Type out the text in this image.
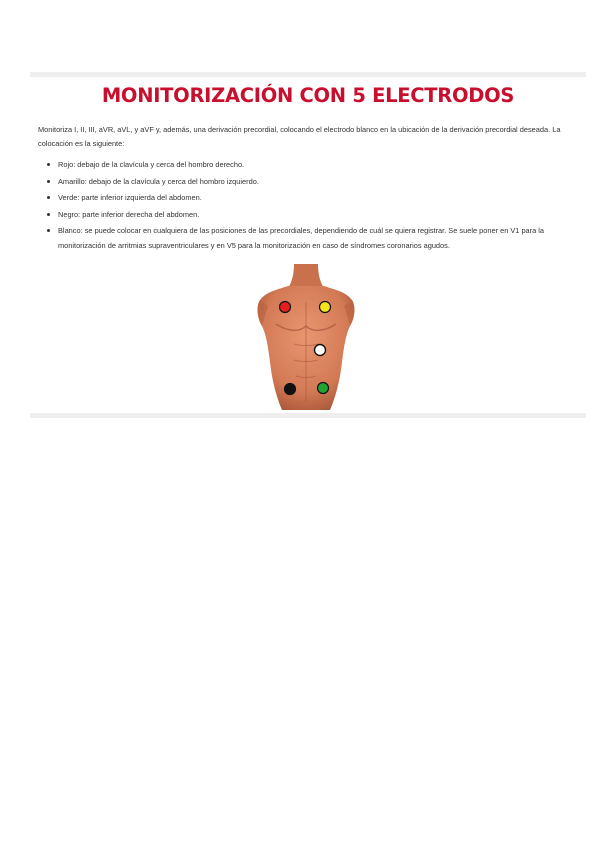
MONITORIZACIÓN CON 5 ELECTRODOS
Monitoriza I, II, III, aVR, aVL, y aVF y, además, una derivación precordial, colocando el electrodo blanco en la ubicación de la derivación precordial deseada. La colocación es la siguiente:
Rojo: debajo de la clavícula y cerca del hombro derecho.
Amarillo: debajo de la clavícula y cerca del hombro izquierdo.
Verde: parte inferior izquierda del abdomen.
Negro: parte inferior derecha del abdomen.
Blanco: se puede colocar en cualquiera de las posiciones de las precordiales, dependiendo de cuál se quiera registrar. Se suele poner en V1 para la monitorización de arritmias supraventriculares y en V5 para la monitorización en caso de síndromes coronarios agudos.
